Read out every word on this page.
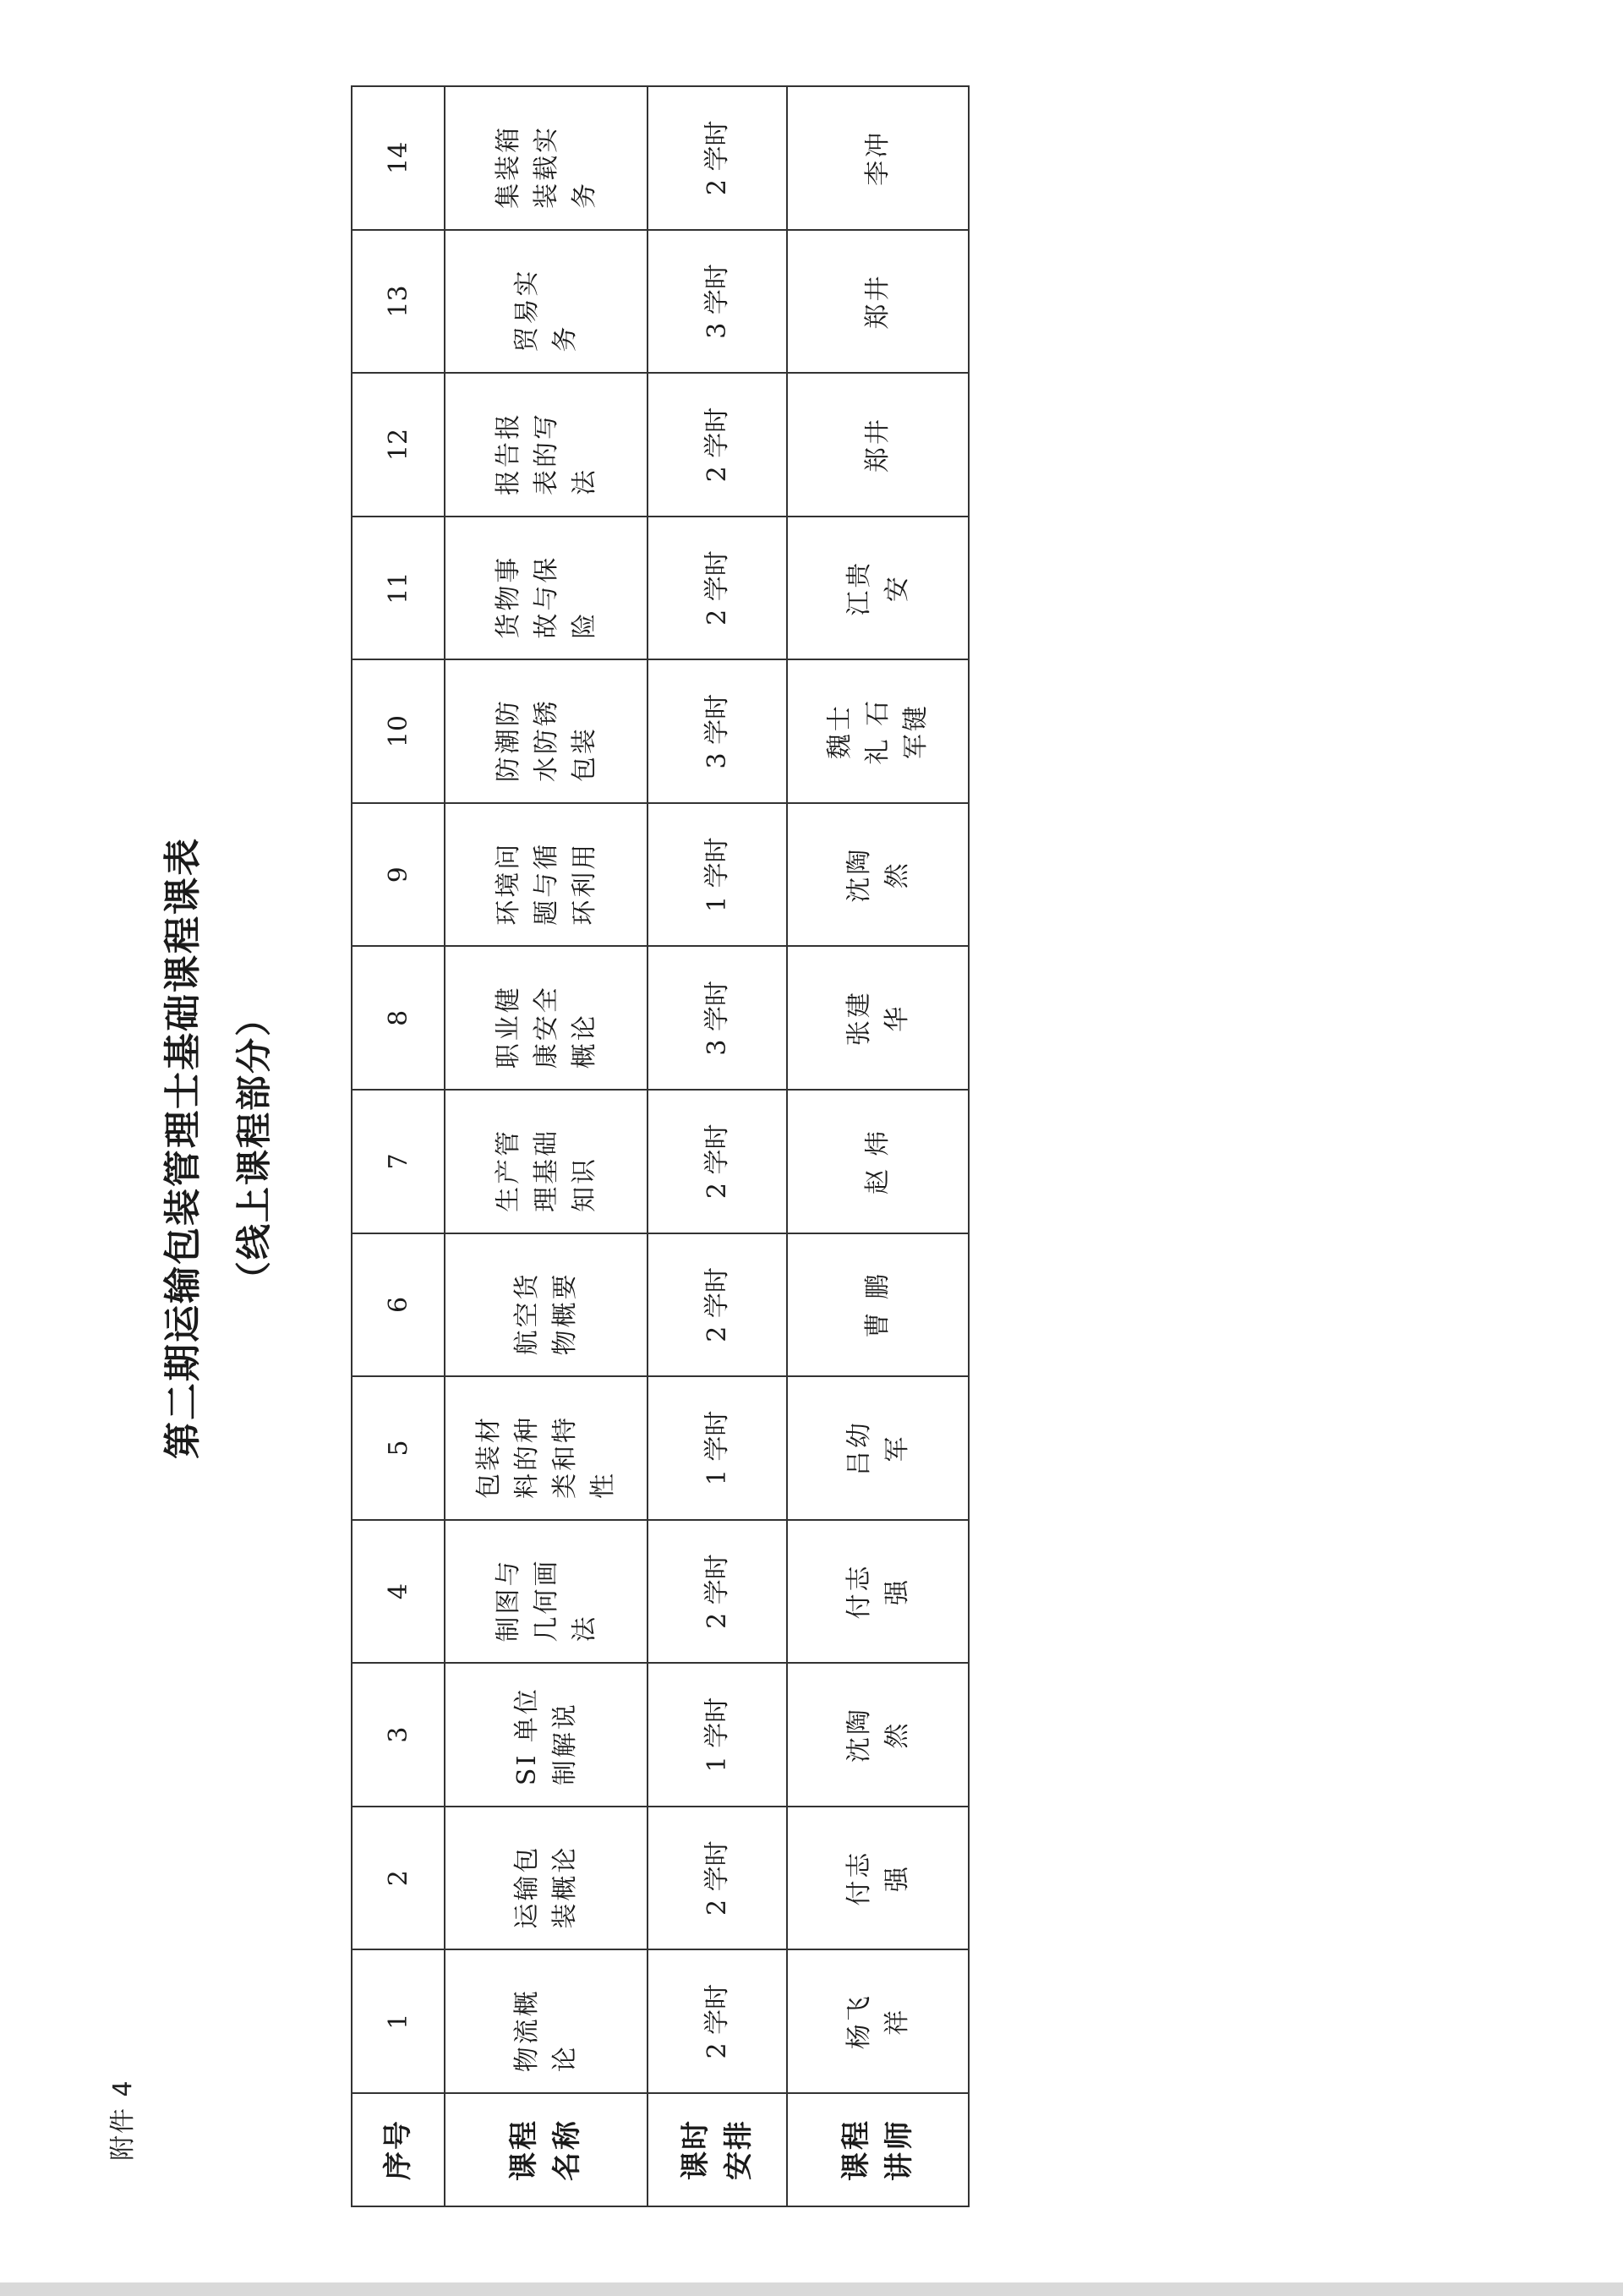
附件 4
第二期运输包装管理士基础课程课表 （线上课程部分）
序号	1	2	3	4	5	6	7	8	9	10	11	12	13	14
课程名称	物流概论	运输包装概论	SI 单位制解说	制图与几何画法	包装材料的种类和特性	航空货物概要	生产管理基础知识	职业健康安全概论	环境问题与循环利用	防潮防水防锈包装	货物事故与保险	报告报表的写法	贸易实务	集装箱装载实务
课时安排	2 学时	2 学时	1 学时	2 学时	1 学时	2 学时	2 学时	3 学时	1 学时	3 学时	2 学时	2 学时	3 学时	2 学时
课程讲师	杨飞祥	付志强	沈陶然	付志强	吕幼军	曹 鹏	赵 炜	张建华	沈陶然	魏士礼 石军键	江贵安	郑井	郑井	李冲
